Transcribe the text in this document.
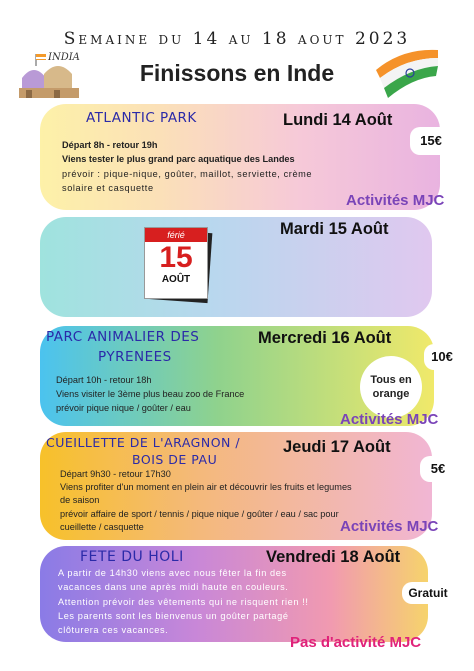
Semaine du 14 au 18 aout 2023
Finissons en Inde
INDIA
ATLANTIC PARK	Lundi 14 Août
Départ 8h - retour 19h
Viens tester le plus grand parc aquatique des Landes
prévoir : pique-nique, goûter, maillot, serviette, crème
solaire et casquette
15€
Activités MJC
Mardi 15 Août
férié
15
AOÛT
PARC ANIMALIER DES
PYRENEES
Mercredi 16 Août
Départ 10h - retour 18h
Viens visiter le 3ème plus beau zoo de France
prévoir pique nique / goûter / eau
10€
Tous en orange
Activités MJC
CUEILLETTE DE L'ARAGNON /
BOIS DE PAU
Jeudi 17 Août
Départ 9h30 - retour 17h30
Viens profiter d'un moment en plein air et découvrir les fruits et legumes
de saison
prévoir affaire de sport / tennis / pique nique / goûter / eau / sac pour
cueillette / casquette
5€
Activités MJC
FETE DU HOLI	Vendredi 18 Août
A partir de 14h30 viens avec nous fêter la fin des
vacances dans une après midi haute en couleurs.
Attention prévoir des vêtements qui ne risquent rien !!
Les parents sont les bienvenus un goûter partagé
clôturera ces vacances.
Gratuit
Pas d'activité MJC
